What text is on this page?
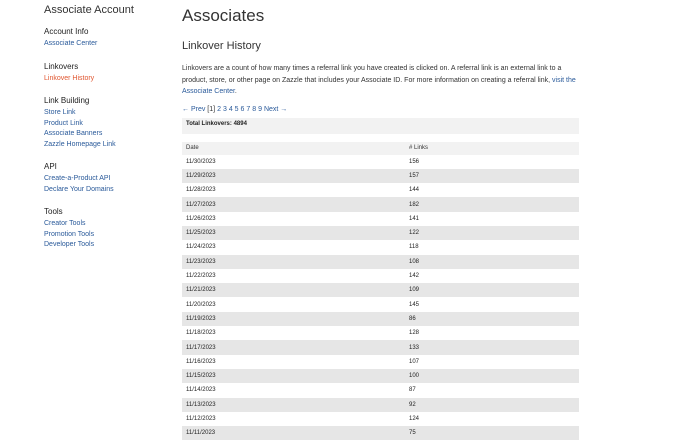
Associate Account
Account Info
Associate Center
Linkovers
Linkover History
Link Building
Store Link
Product Link
Associate Banners
Zazzle Homepage Link
API
Create-a-Product API
Declare Your Domains
Tools
Creator Tools
Promotion Tools
Developer Tools
Associates
Linkover History
Linkovers are a count of how many times a referral link you have created is clicked on. A referral link is an external link to a product, store, or other page on Zazzle that includes your Associate ID. For more information on creating a referral link, visit the Associate Center.
← Prev [1] 2 3 4 5 6 7 8 9 Next →
Total Linkovers: 4894
Date	# Links
11/30/2023	156
11/29/2023	157
11/28/2023	144
11/27/2023	182
11/26/2023	141
11/25/2023	122
11/24/2023	118
11/23/2023	108
11/22/2023	142
11/21/2023	109
11/20/2023	145
11/19/2023	86
11/18/2023	128
11/17/2023	133
11/16/2023	107
11/15/2023	100
11/14/2023	87
11/13/2023	92
11/12/2023	124
11/11/2023	75
